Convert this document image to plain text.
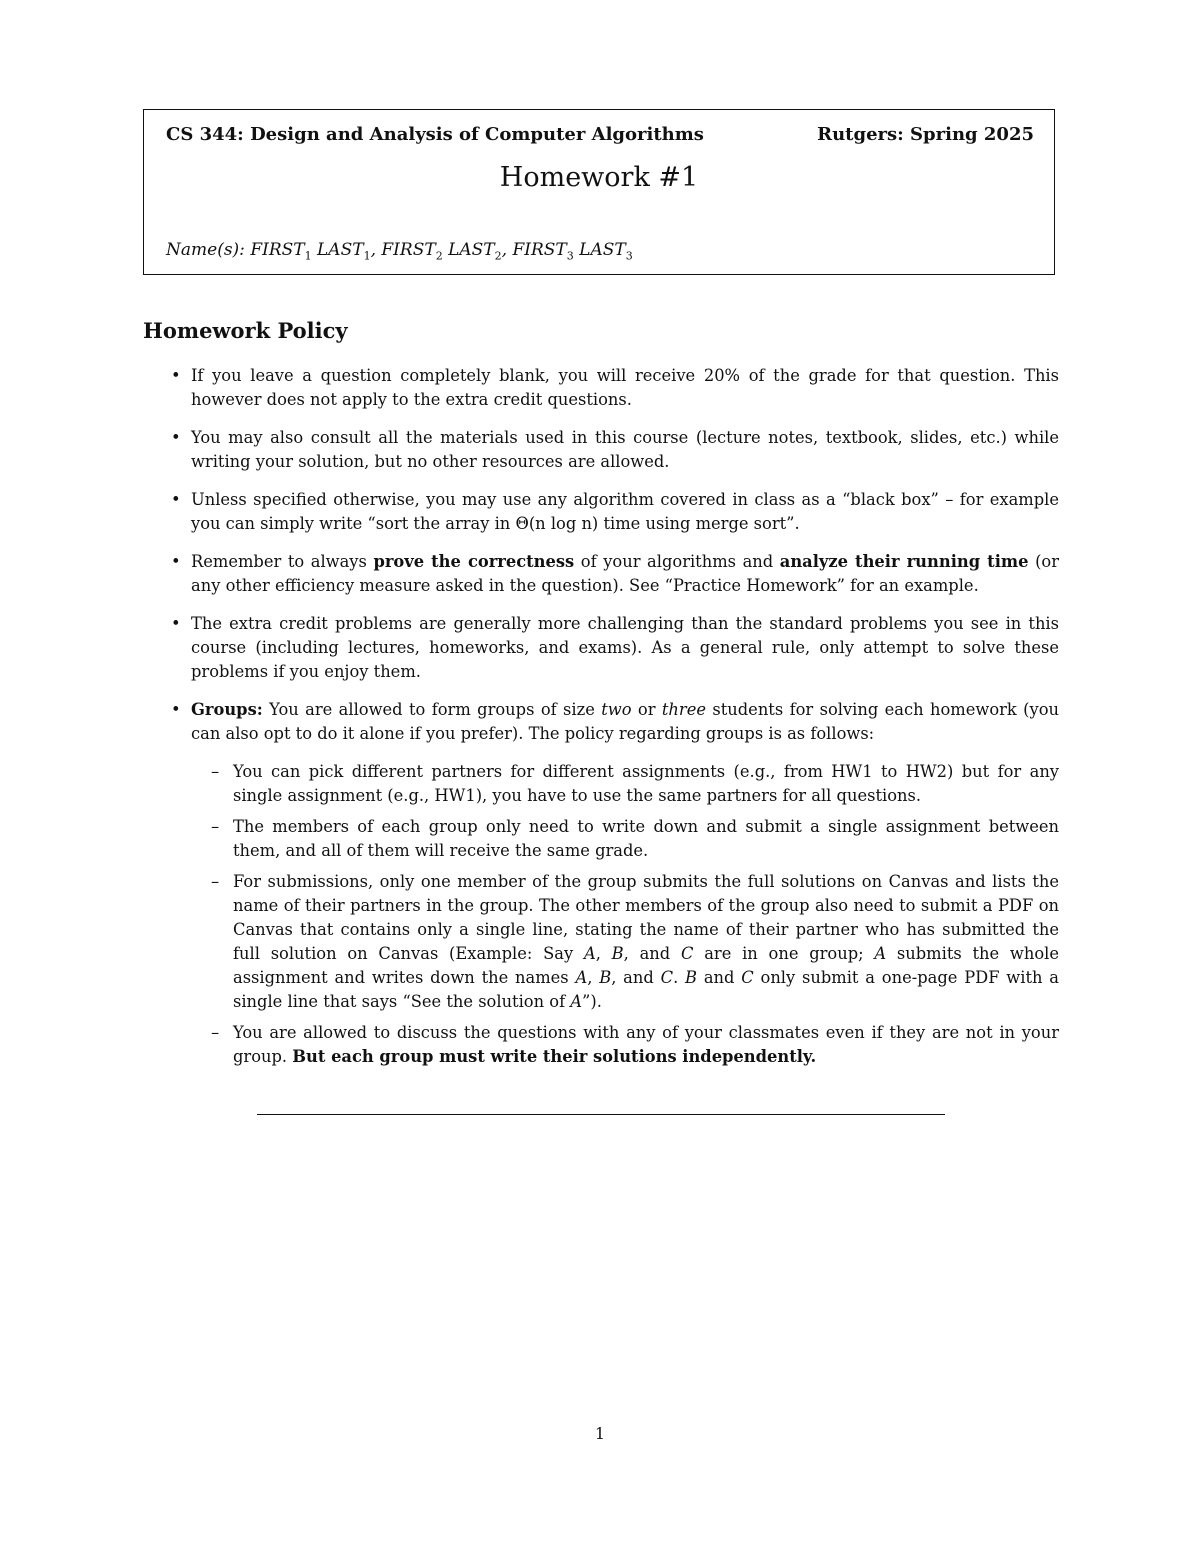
CS 344: Design and Analysis of Computer Algorithms	Rutgers: Spring 2025
Homework #1
Name(s): $FIRST_1$ $LAST_1$, $FIRST_2$ $LAST_2$, $FIRST_3$ $LAST_3$
Homework Policy
• If you leave a question completely blank, you will receive 20% of the grade for that question. This however does not apply to the extra credit questions.
• You may also consult all the materials used in this course (lecture notes, textbook, slides, etc.) while writing your solution, but no other resources are allowed.
• Unless specified otherwise, you may use any algorithm covered in class as a “black box” – for example you can simply write “sort the array in Θ(n log n) time using merge sort”.
• Remember to always prove the correctness of your algorithms and analyze their running time (or any other efficiency measure asked in the question). See “Practice Homework” for an example.
• The extra credit problems are generally more challenging than the standard problems you see in this course (including lectures, homeworks, and exams). As a general rule, only attempt to solve these problems if you enjoy them.
• Groups: You are allowed to form groups of size two or three students for solving each homework (you can also opt to do it alone if you prefer). The policy regarding groups is as follows:
– You can pick different partners for different assignments (e.g., from HW1 to HW2) but for any single assignment (e.g., HW1), you have to use the same partners for all questions.
– The members of each group only need to write down and submit a single assignment between them, and all of them will receive the same grade.
– For submissions, only one member of the group submits the full solutions on Canvas and lists the name of their partners in the group. The other members of the group also need to submit a PDF on Canvas that contains only a single line, stating the name of their partner who has submitted the full solution on Canvas (Example: Say A, B, and C are in one group; A submits the whole assignment and writes down the names A, B, and C. B and C only submit a one-page PDF with a single line that says “See the solution of A”).
– You are allowed to discuss the questions with any of your classmates even if they are not in your group. But each group must write their solutions independently.
1
